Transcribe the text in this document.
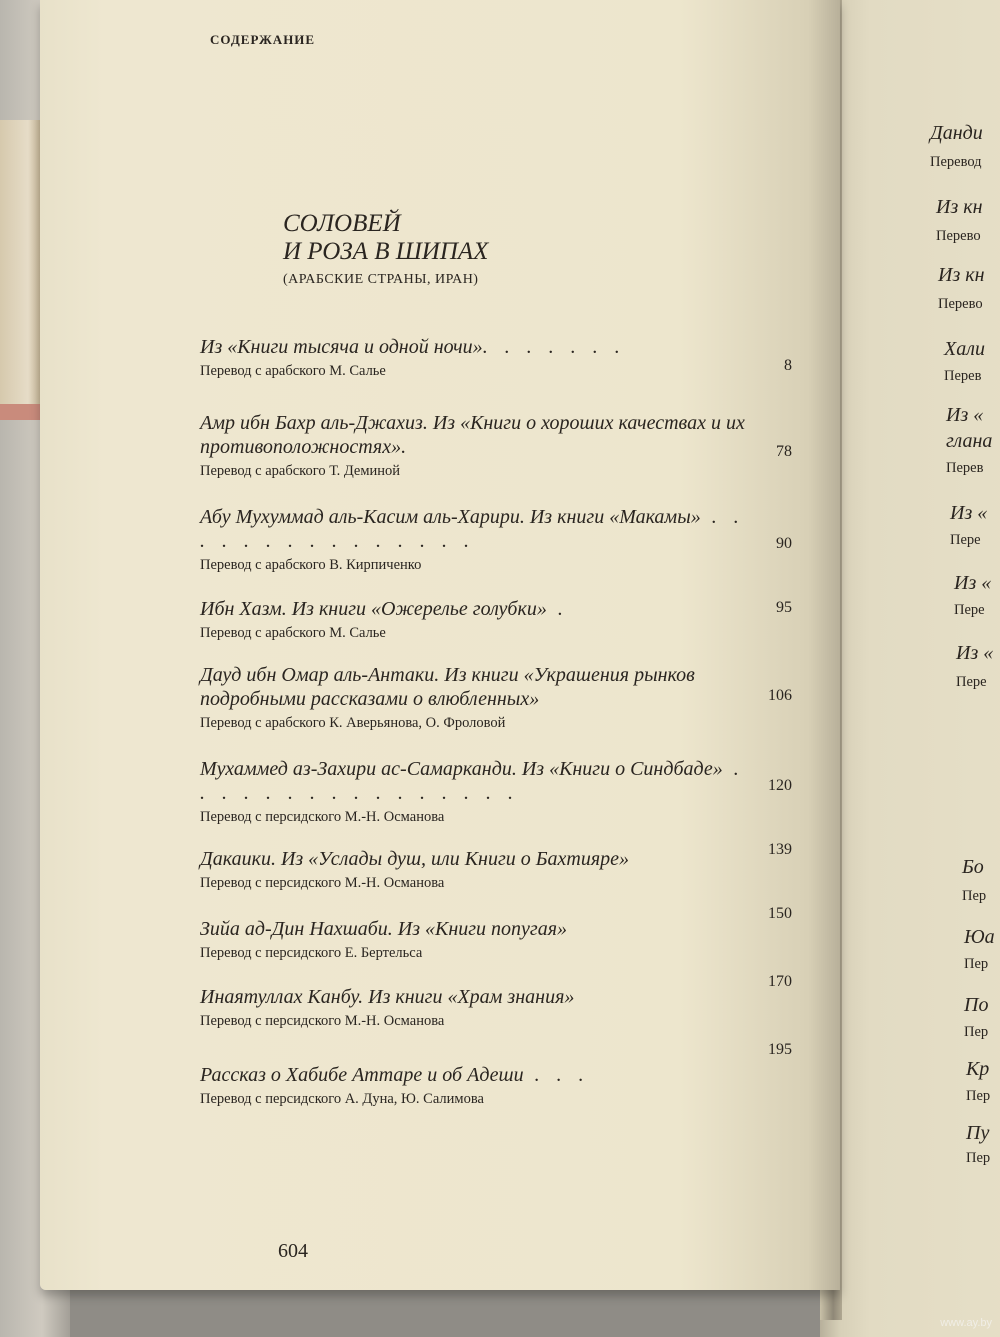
СОДЕРЖАНИЕ
СОЛОВЕЙ
И РОЗА В ШИПАХ
(АРАБСКИЕ СТРАНЫ, ИРАН)
Из «Книги тысяча и одной ночи». . . . . . .
Перевод с арабского М. Салье	8
Амр ибн Бахр аль-Джахиз. Из «Книги о хороших качествах и их противоположностях».
Перевод с арабского Т. Деминой
78
Абу Мухуммад аль-Касим аль-Харири. Из книги «Макамы» . . . . . . . . . . . . . . .
Перевод с арабского В. Кирпиченко
90
Ибн Хазм. Из книги «Ожерелье голубки» .
Перевод с арабского М. Салье
95
Дауд ибн Омар аль-Антаки. Из книги «Украшения рынков подробными рассказами о влюбленных»
Перевод с арабского К. Аверьянова, О. Фроловой
106
Мухаммед аз-Захири ас-Самарканди. Из «Книги о Синдбаде» . . . . . . . . . . . . . . . .
Перевод с персидского М.-Н. Османова
120
Дакаики. Из «Услады душ, или Книги о Бахтияре»
Перевод с персидского М.-Н. Османова
139
Зийа ад-Дин Нахшаби. Из «Книги попугая»
Перевод с персидского Е. Бертельса
150
Инаятуллах Канбу. Из книги «Храм знания»
Перевод с персидского М.-Н. Османова
170
Рассказ о Хабибе Аттаре и об Адеши . . .
Перевод с персидского А. Дуна, Ю. Салимова
195
604
Данди
Перевод
Из кн
Перево
Из кн
Перево
Хали
Перев
Из «
глана
Перев
Из «
Пере
Из «
Пере
Из «
Пере
Бо
Пер
Юа
Пер
По
Пер
Кр
Пер
Пу
Пер
www.ay.by
